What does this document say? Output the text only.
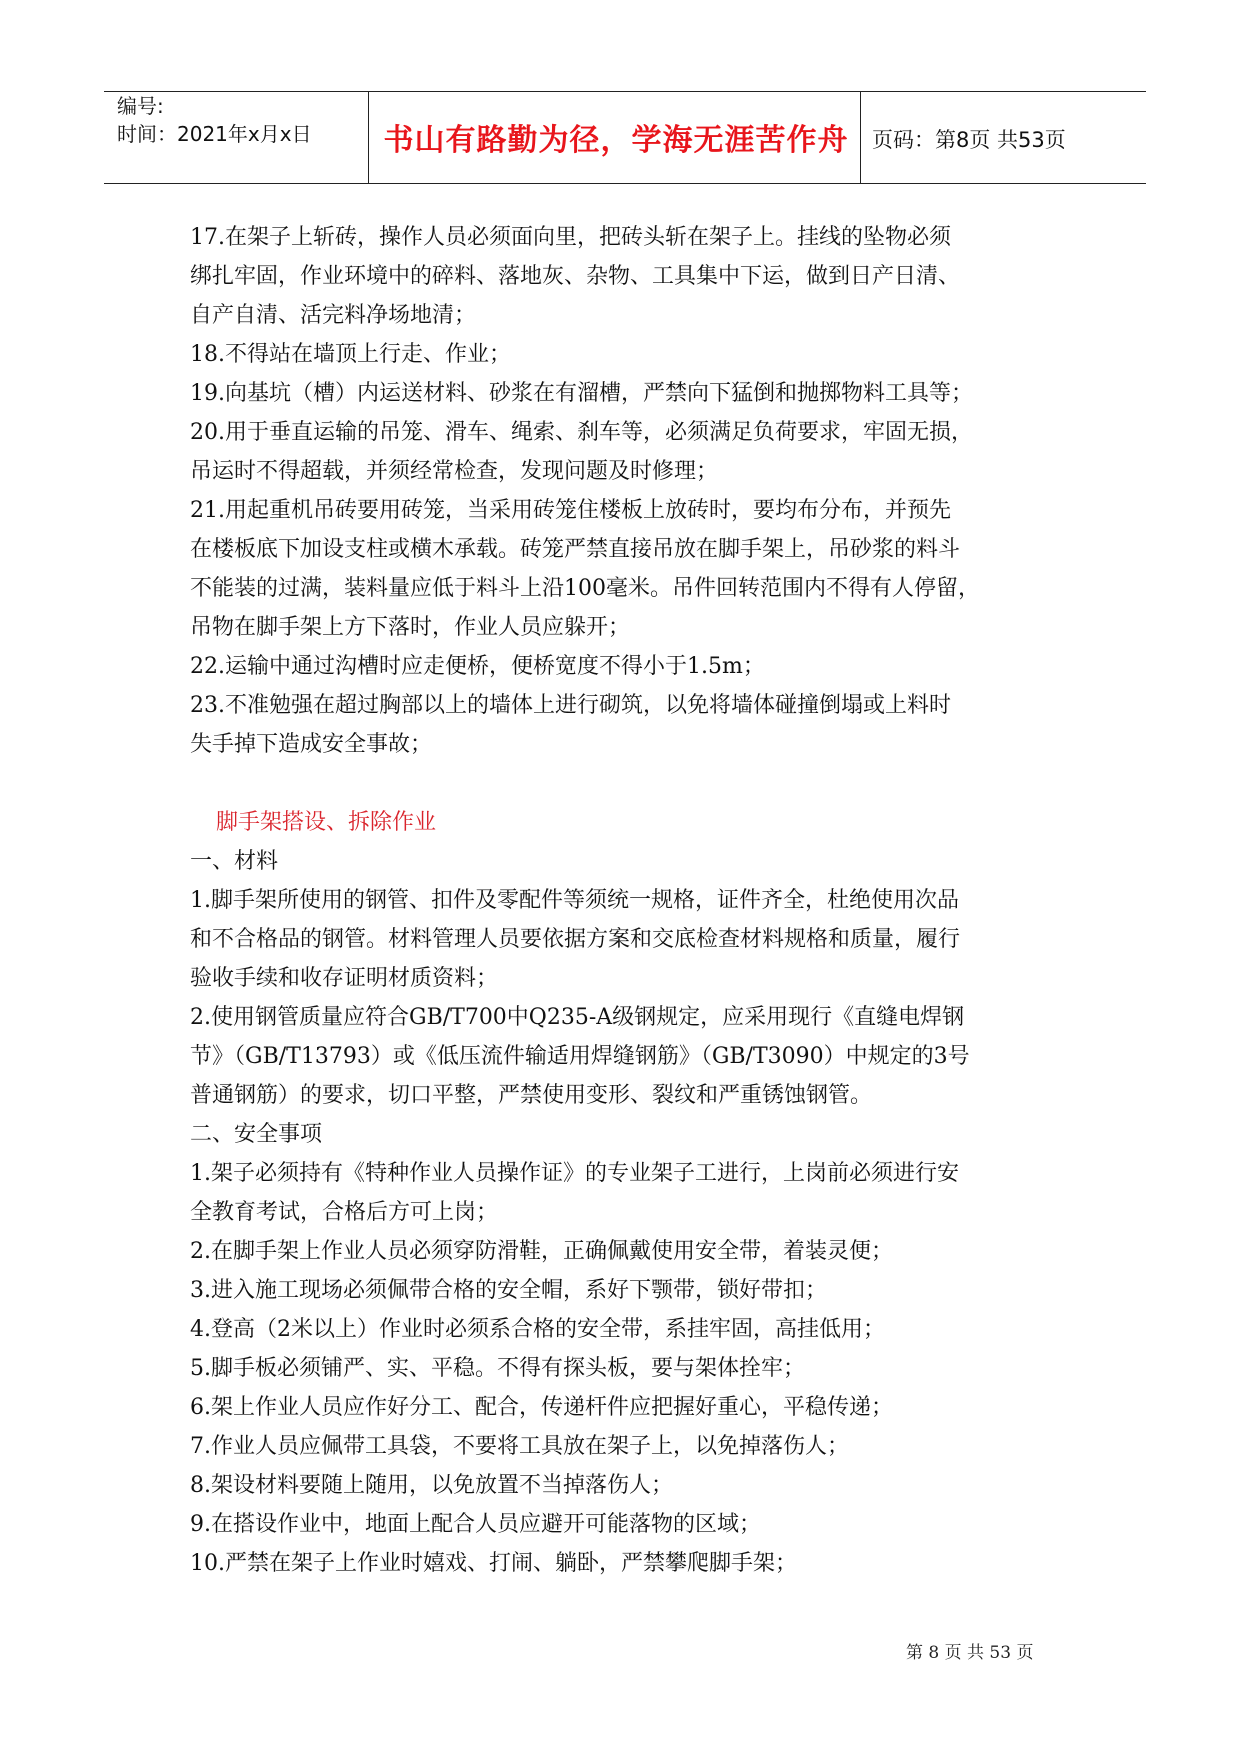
编号:
时间：2021年x月x日	书山有路勤为径，学海无涯苦作舟	页码：第8页 共53页
17.在架子上斩砖，操作人员必须面向里，把砖头斩在架子上。挂线的坠物必须
绑扎牢固，作业环境中的碎料、落地灰、杂物、工具集中下运，做到日产日清、
自产自清、活完料净场地清；
18.不得站在墙顶上行走、作业；
19.向基坑（槽）内运送材料、砂浆在有溜槽，严禁向下猛倒和抛掷物料工具等；
20.用于垂直运输的吊笼、滑车、绳索、刹车等，必须满足负荷要求，牢固无损，
吊运时不得超载，并须经常检查，发现问题及时修理；
21.用起重机吊砖要用砖笼，当采用砖笼住楼板上放砖时，要均布分布，并预先
在楼板底下加设支柱或横木承载。砖笼严禁直接吊放在脚手架上，吊砂浆的料斗
不能装的过满，装料量应低于料斗上沿100毫米。吊件回转范围内不得有人停留，
吊物在脚手架上方下落时，作业人员应躲开；
22.运输中通过沟槽时应走便桥，便桥宽度不得小于1.5m；
23.不准勉强在超过胸部以上的墙体上进行砌筑，以免将墙体碰撞倒塌或上料时
失手掉下造成安全事故；
脚手架搭设、拆除作业
一、材料
1.脚手架所使用的钢管、扣件及零配件等须统一规格，证件齐全，杜绝使用次品
和不合格品的钢管。材料管理人员要依据方案和交底检查材料规格和质量，履行
验收手续和收存证明材质资料；
2.使用钢管质量应符合GB/T700中Q235-A级钢规定，应采用现行《直缝电焊钢
节》（GB/T13793）或《低压流件输适用焊缝钢筋》（GB/T3090）中规定的3号
普通钢筋）的要求，切口平整，严禁使用变形、裂纹和严重锈蚀钢管。
二、安全事项
1.架子必须持有《特种作业人员操作证》的专业架子工进行，上岗前必须进行安
全教育考试，合格后方可上岗；
2.在脚手架上作业人员必须穿防滑鞋，正确佩戴使用安全带，着装灵便；
3.进入施工现场必须佩带合格的安全帽，系好下颚带，锁好带扣；
4.登高（2米以上）作业时必须系合格的安全带，系挂牢固，高挂低用；
5.脚手板必须铺严、实、平稳。不得有探头板，要与架体拴牢；
6.架上作业人员应作好分工、配合，传递杆件应把握好重心，平稳传递；
7.作业人员应佩带工具袋，不要将工具放在架子上，以免掉落伤人；
8.架设材料要随上随用，以免放置不当掉落伤人；
9.在搭设作业中，地面上配合人员应避开可能落物的区域；
10.严禁在架子上作业时嬉戏、打闹、躺卧，严禁攀爬脚手架；
第 8 页 共 53 页
